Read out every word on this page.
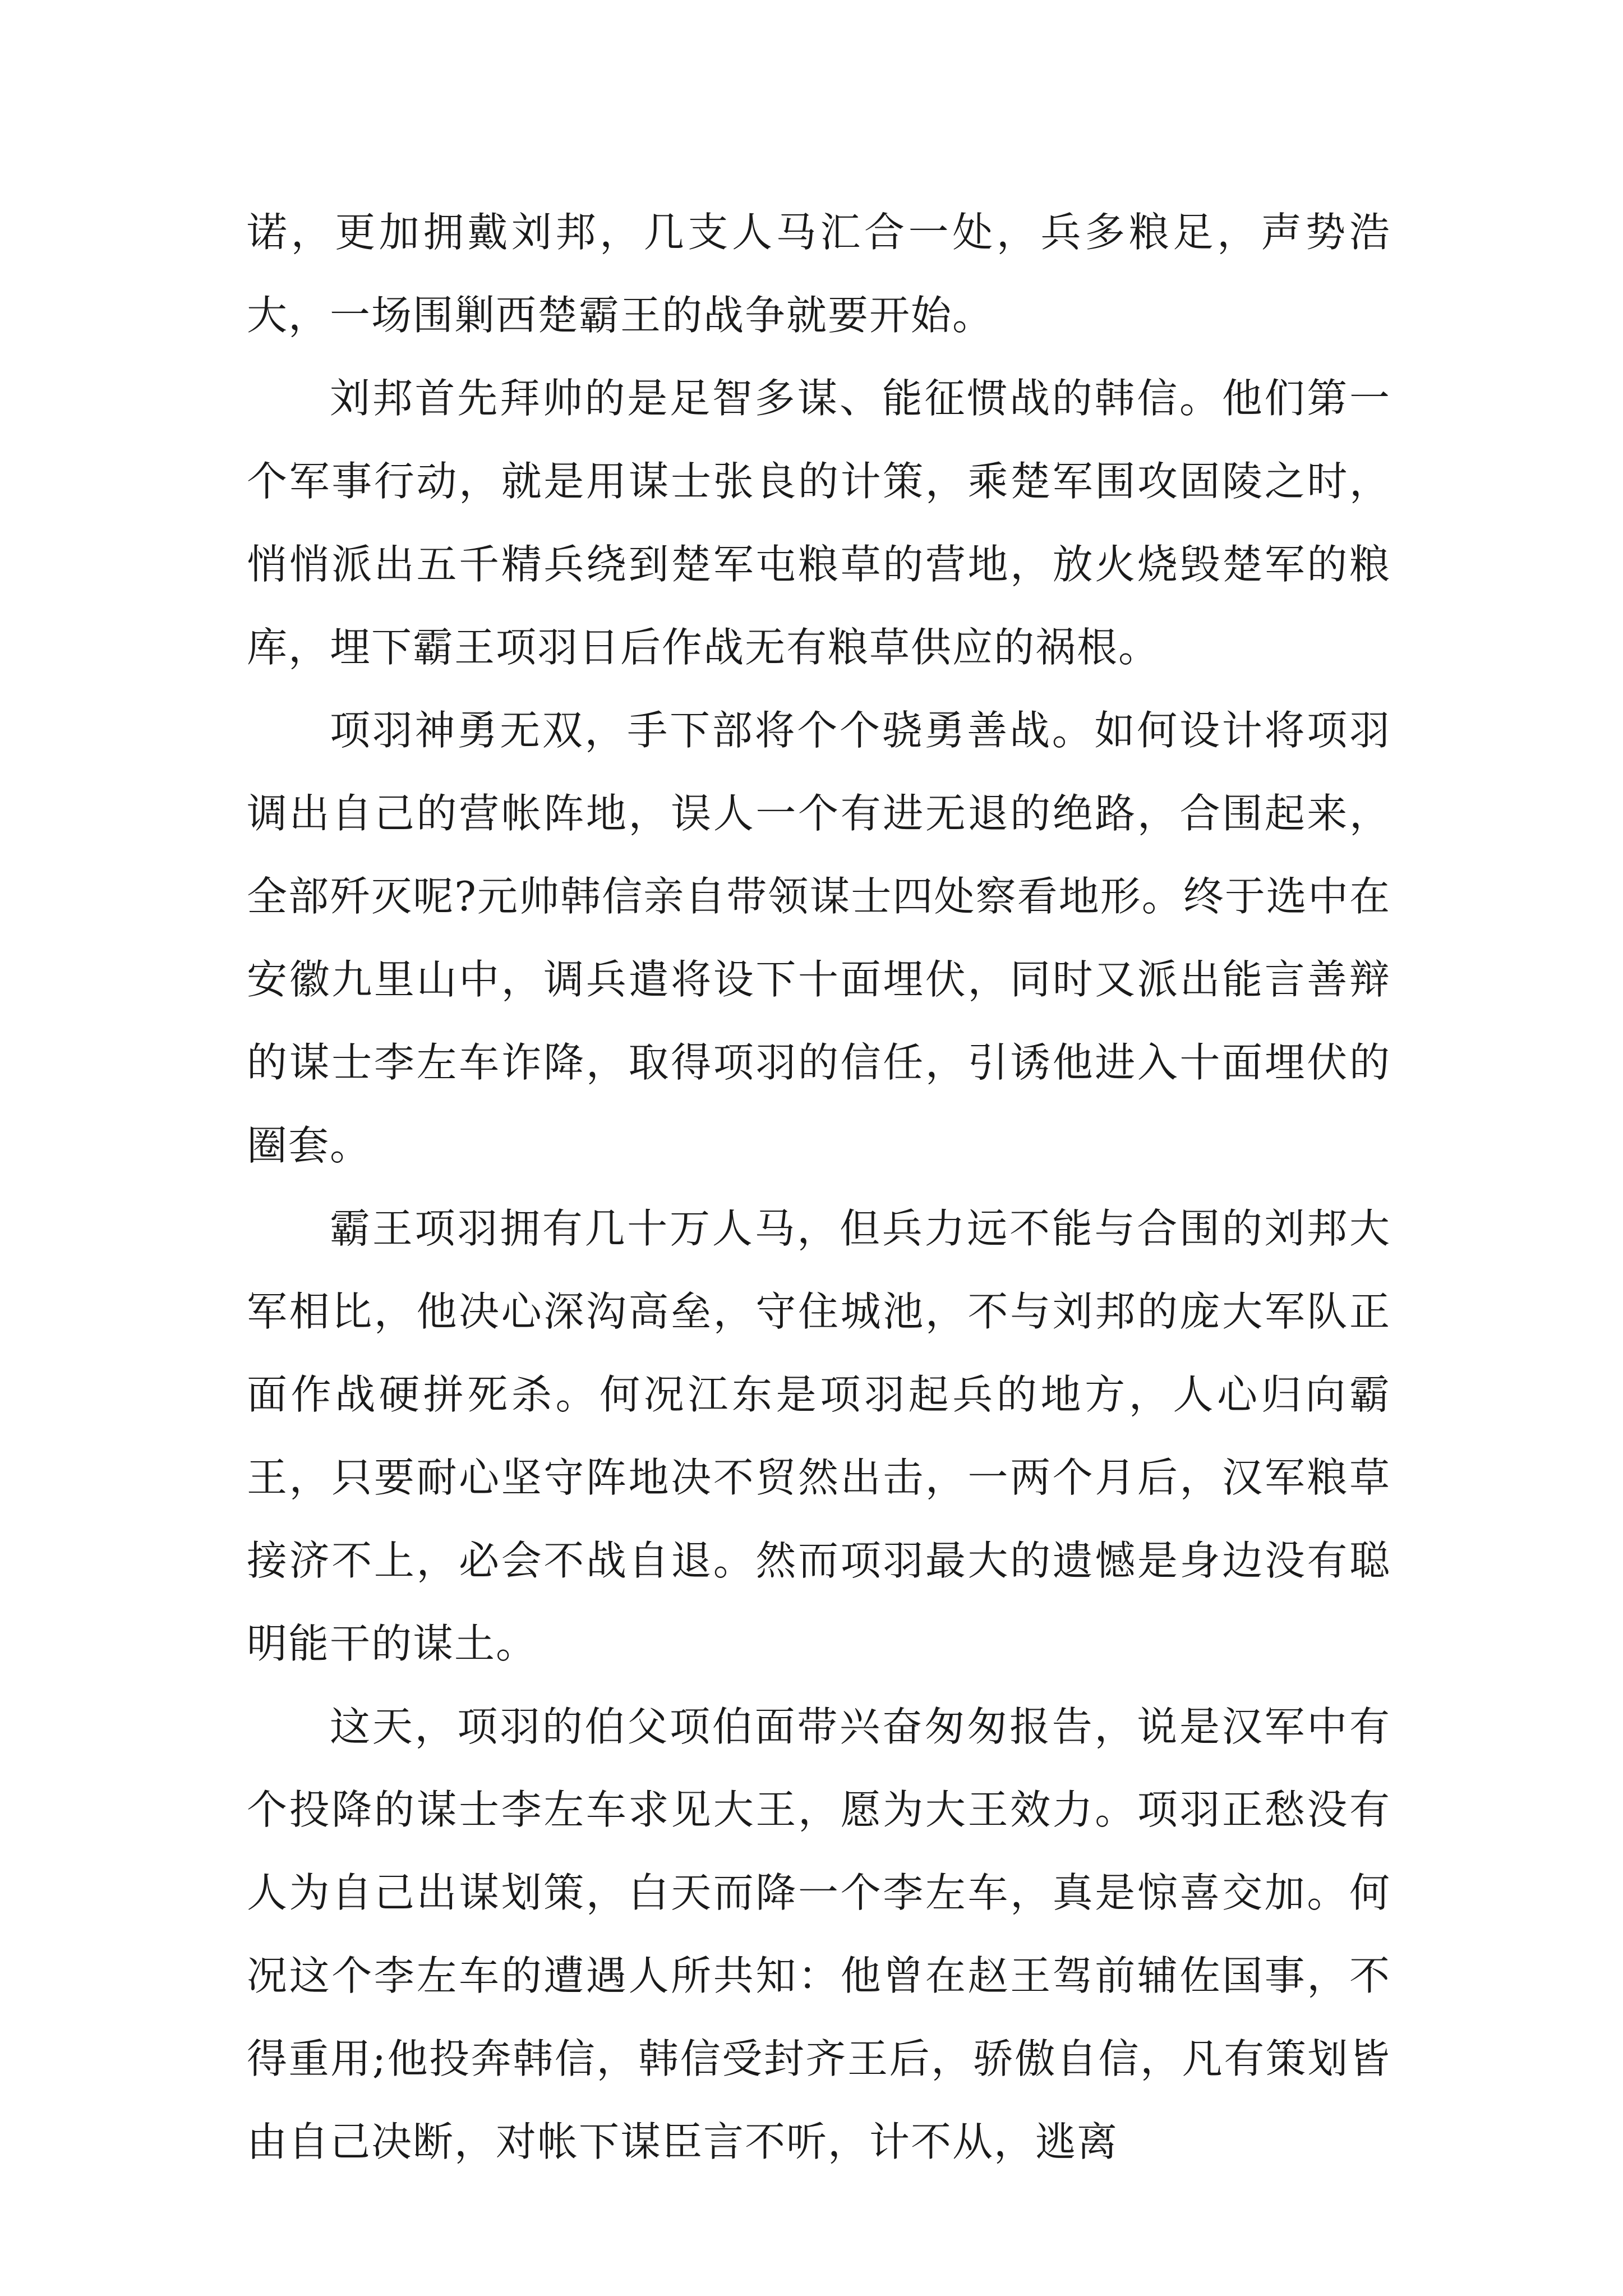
诺，更加拥戴刘邦，几支人马汇合一处，兵多粮足，声势浩大，一场围剿西楚霸王的战争就要开始。

刘邦首先拜帅的是足智多谋、能征惯战的韩信。他们第一个军事行动，就是用谋士张良的计策，乘楚军围攻固陵之时，悄悄派出五千精兵绕到楚军屯粮草的营地，放火烧毁楚军的粮库，埋下霸王项羽日后作战无有粮草供应的祸根。

项羽神勇无双，手下部将个个骁勇善战。如何设计将项羽调出自己的营帐阵地，误人一个有进无退的绝路，合围起来，全部歼灭呢?元帅韩信亲自带领谋士四处察看地形。终于选中在安徽九里山中，调兵遣将设下十面埋伏，同时又派出能言善辩的谋士李左车诈降，取得项羽的信任，引诱他进入十面埋伏的圈套。

霸王项羽拥有几十万人马，但兵力远不能与合围的刘邦大军相比，他决心深沟高垒，守住城池，不与刘邦的庞大军队正面作战硬拼死杀。何况江东是项羽起兵的地方，人心归向霸王，只要耐心坚守阵地决不贸然出击，一两个月后，汉军粮草接济不上，必会不战自退。然而项羽最大的遗憾是身边没有聪明能干的谋土。

这天，项羽的伯父项伯面带兴奋匆匆报告，说是汉军中有个投降的谋士李左车求见大王，愿为大王效力。项羽正愁没有人为自己出谋划策，白天而降一个李左车，真是惊喜交加。何况这个李左车的遭遇人所共知：他曾在赵王驾前辅佐国事，不得重用;他投奔韩信，韩信受封齐王后，骄傲自信，凡有策划皆由自己决断，对帐下谋臣言不听，计不从，逃离
